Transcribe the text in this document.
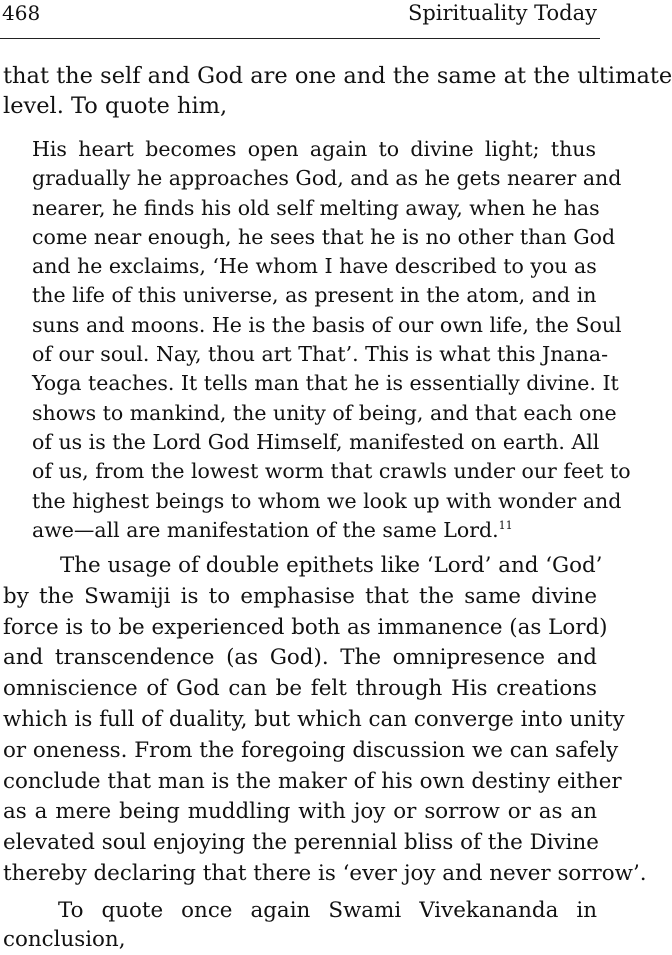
468	Spirituality Today
that the self and God are one and the same at the ultimate
level. To quote him,
His heart becomes open again to divine light; thus
gradually he approaches God, and as he gets nearer and
nearer, he finds his old self melting away, when he has
come near enough, he sees that he is no other than God
and he exclaims, ‘He whom I have described to you as
the life of this universe, as present in the atom, and in
suns and moons. He is the basis of our own life, the Soul
of our soul. Nay, thou art That’. This is what this Jnana-
Yoga teaches. It tells man that he is essentially divine. It
shows to mankind, the unity of being, and that each one
of us is the Lord God Himself, manifested on earth. All
of us, from the lowest worm that crawls under our feet to
the highest beings to whom we look up with wonder and
awe—all are manifestation of the same Lord.$^{11}$
The usage of double epithets like ‘Lord’ and ‘God’
by the Swamiji is to emphasise that the same divine
force is to be experienced both as immanence (as Lord)
and transcendence (as God). The omnipresence and
omniscience of God can be felt through His creations
which is full of duality, but which can converge into unity
or oneness. From the foregoing discussion we can safely
conclude that man is the maker of his own destiny either
as a mere being muddling with joy or sorrow or as an
elevated soul enjoying the perennial bliss of the Divine
thereby declaring that there is ‘ever joy and never sorrow’.
To quote once again Swami Vivekananda in
conclusion,
